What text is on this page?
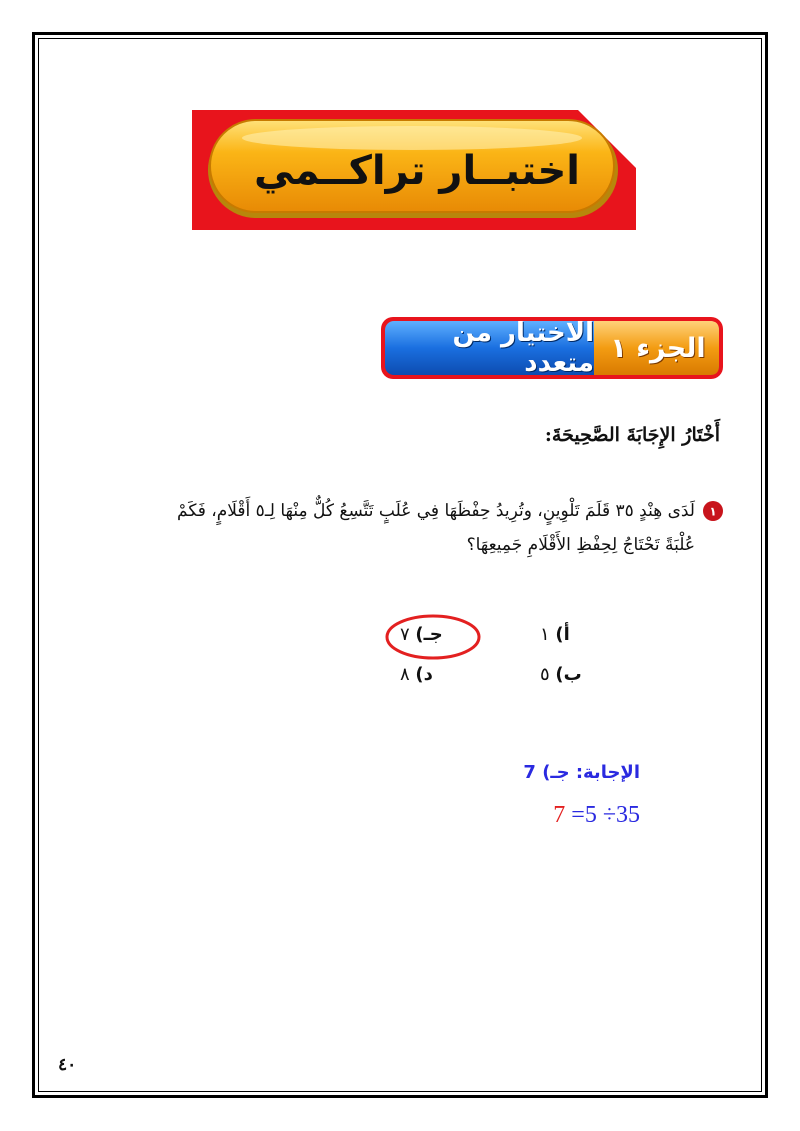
اختبــار تراكــمي
الاختيار من متعدد الجزء ١
أَخْتَارُ الإِجَابَةَ الصَّحِيحَةَ:
١
لَدَى هِنْدٍ ٣٥ قَلَمَ تَلْوِينٍ، وتُرِيدُ حِفْظَهَا فِي عُلَبٍ تَتَّسِعُ كُلٌّ مِنْهَا لِـ٥ أَقْلَامٍ، فَكَمْ عُلْبَةً تَحْتَاجُ لِحِفْظِ الأَقْلَامِ جَمِيعِهَا؟
أ) ١
ب) ٥
جـ) ٧
د) ٨
الإجابة: جـ) 7
7 =5 ÷35
٤٠
